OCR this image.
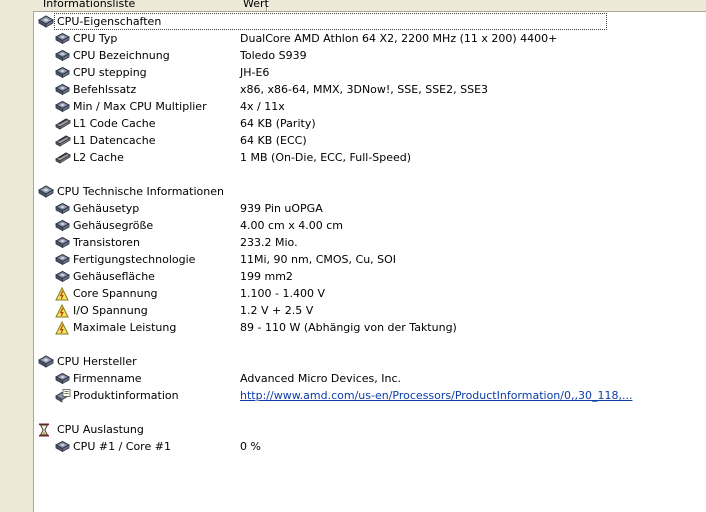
Informationsliste	Wert
CPU-Eigenschaften
CPU Typ	DualCore AMD Athlon 64 X2, 2200 MHz (11 x 200) 4400+
CPU Bezeichnung	Toledo S939
CPU stepping	JH-E6
Befehlssatz	x86, x86-64, MMX, 3DNow!, SSE, SSE2, SSE3
Min / Max CPU Multiplier	4x / 11x
L1 Code Cache	64 KB (Parity)
L1 Datencache	64 KB (ECC)
L2 Cache	1 MB (On-Die, ECC, Full-Speed)
CPU Technische Informationen
Gehäusetyp	939 Pin uOPGA
Gehäusegröße	4.00 cm x 4.00 cm
Transistoren	233.2 Mio.
Fertigungstechnologie	11Mi, 90 nm, CMOS, Cu, SOI
Gehäusefläche	199 mm2
Core Spannung	1.100 - 1.400 V
I/O Spannung	1.2 V + 2.5 V
Maximale Leistung	89 - 110 W (Abhängig von der Taktung)
CPU Hersteller
Firmenname	Advanced Micro Devices, Inc.
Produktinformation	http://www.amd.com/us-en/Processors/ProductInformation/0,,30_118,...
CPU Auslastung
CPU #1 / Core #1	0 %
